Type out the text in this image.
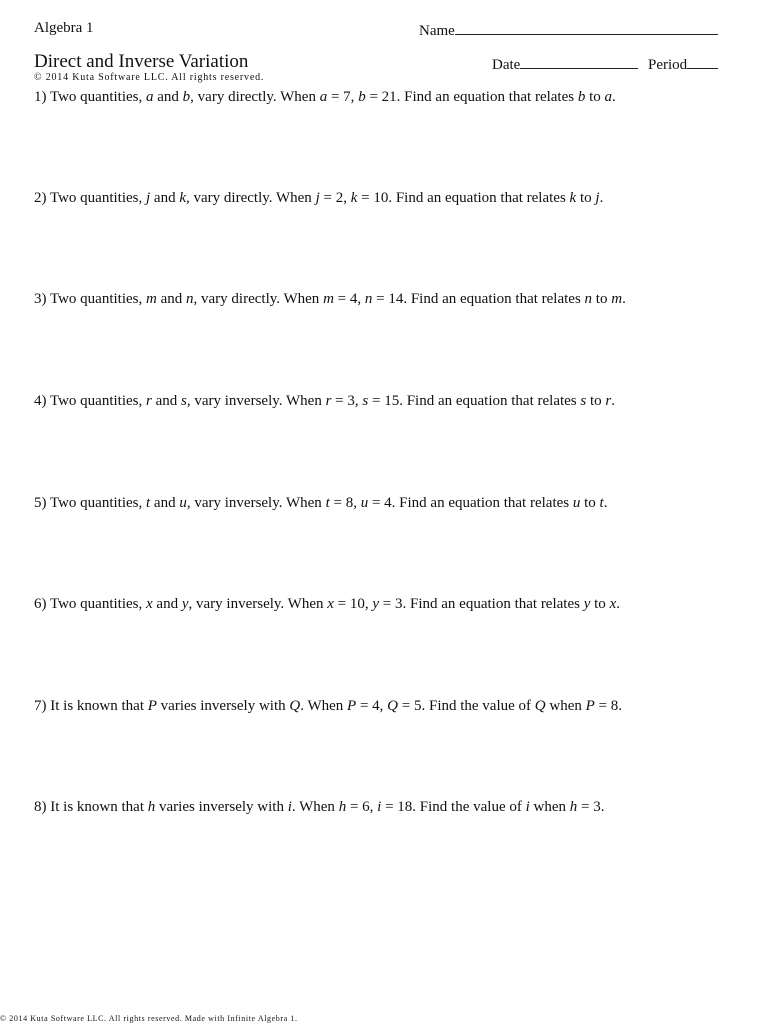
Algebra 1	Name
Direct and Inverse Variation	Date	Period
© 2014 Kuta Software LLC. All rights reserved.
1) Two quantities, a and b, vary directly. When a = 7, b = 21. Find an equation that relates b to a.
2) Two quantities, j and k, vary directly. When j = 2, k = 10. Find an equation that relates k to j.
3) Two quantities, m and n, vary directly. When m = 4, n = 14. Find an equation that relates n to m.
4) Two quantities, r and s, vary inversely. When r = 3, s = 15. Find an equation that relates s to r.
5) Two quantities, t and u, vary inversely. When t = 8, u = 4. Find an equation that relates u to t.
6) Two quantities, x and y, vary inversely. When x = 10, y = 3. Find an equation that relates y to x.
7) It is known that P varies inversely with Q. When P = 4, Q = 5. Find the value of Q when P = 8.
8) It is known that h varies inversely with i. When h = 6, i = 18. Find the value of i when h = 3.
© 2014 Kuta Software LLC. All rights reserved. Made with Infinite Algebra 1.
